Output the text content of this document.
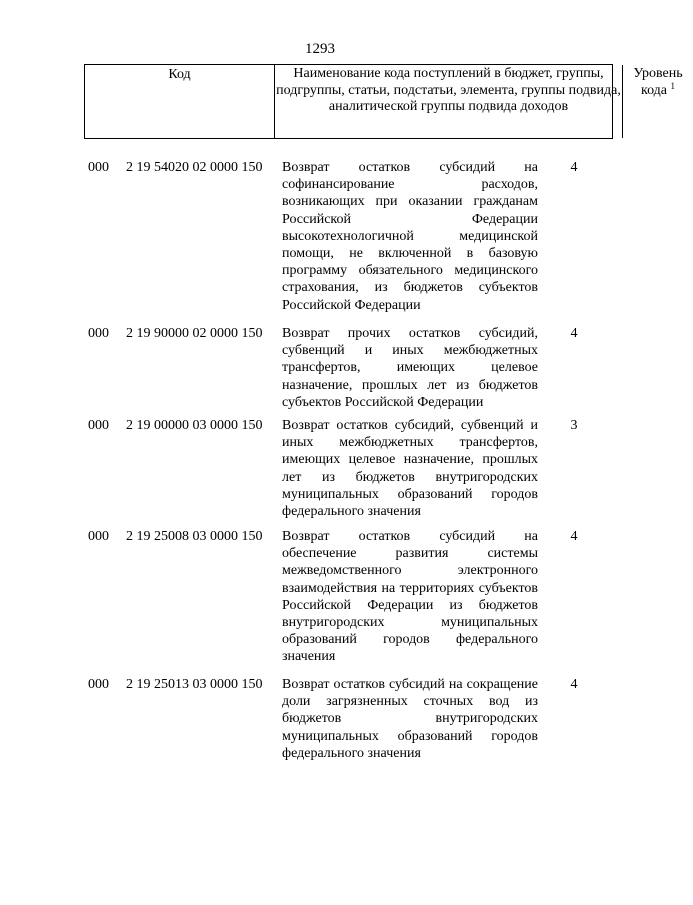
1293
Код	Наименование кода поступлений в бюджет, группы, подгруппы, статьи, подстатьи, элемента, группы подвида, аналитической группы подвида доходов
Уровень кода $^1$
000 2 19 54020 02 0000 150 Возврат остатков субсидий на софинансирование расходов, возникающих при оказании гражданам Российской Федерации высокотехнологичной медицинской помощи, не включенной в базовую программу обязательного медицинского страхования, из бюджетов субъектов Российской Федерации
4
000 2 19 90000 02 0000 150 Возврат прочих остатков субсидий, субвенций и иных межбюджетных трансфертов, имеющих целевое назначение, прошлых лет из бюджетов субъектов Российской Федерации
4
000 2 19 00000 03 0000 150 Возврат остатков субсидий, субвенций и иных межбюджетных трансфертов, имеющих целевое назначение, прошлых лет из бюджетов внутригородских муниципальных образований городов федерального значения
3
000 2 19 25008 03 0000 150 Возврат остатков субсидий на обеспечение развития системы межведомственного электронного взаимодействия на территориях субъектов Российской Федерации из бюджетов внутригородских муниципальных образований городов федерального значения
4
000 2 19 25013 03 0000 150 Возврат остатков субсидий на сокращение доли загрязненных сточных вод из бюджетов внутригородских муниципальных образований городов федерального значения
4
